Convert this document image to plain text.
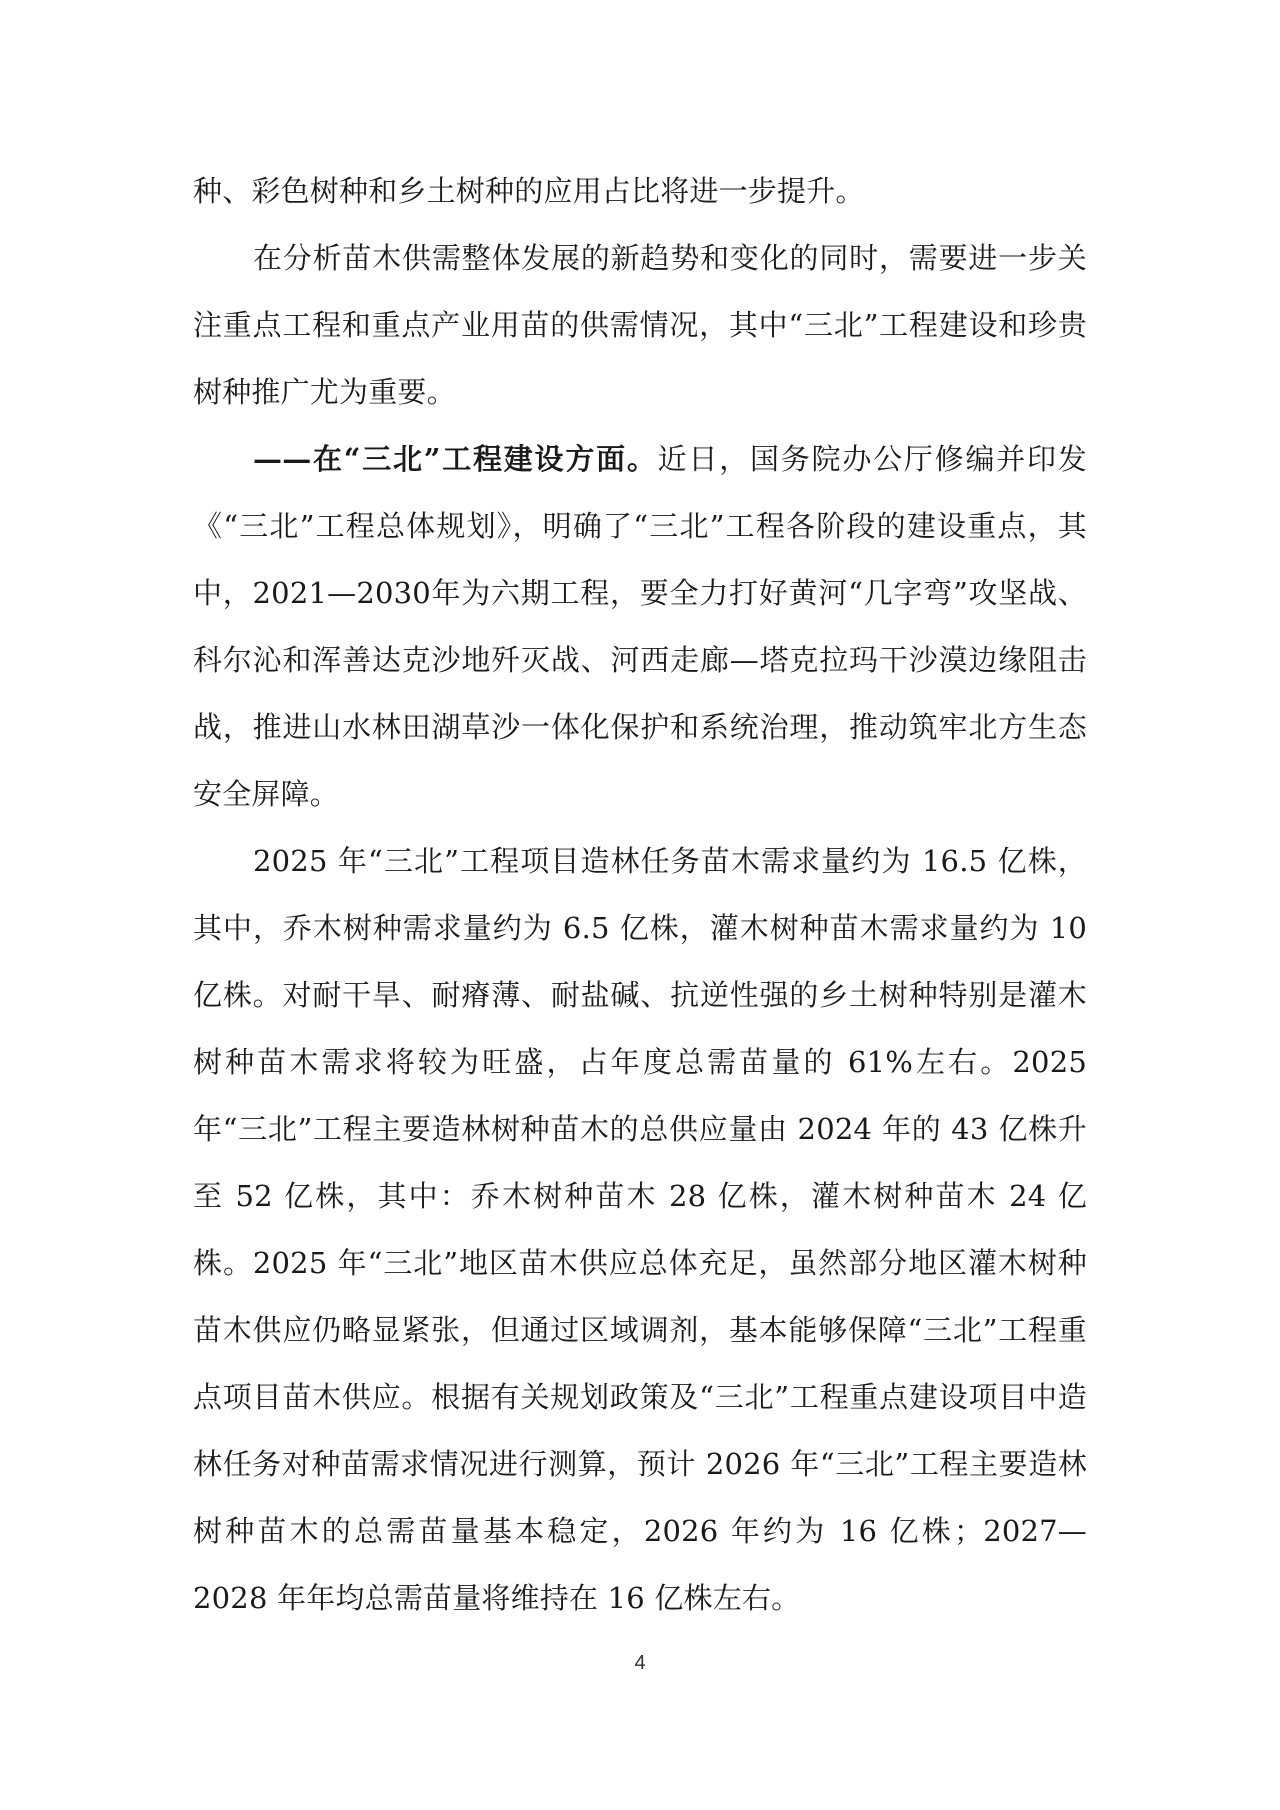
种、彩色树种和乡土树种的应用占比将进一步提升。

在分析苗木供需整体发展的新趋势和变化的同时，需要进一步关注重点工程和重点产业用苗的供需情况，其中“三北”工程建设和珍贵树种推广尤为重要。

——在“三北”工程建设方面。近日，国务院办公厅修编并印发《“三北”工程总体规划》，明确了“三北”工程各阶段的建设重点，其中，2021—2030年为六期工程，要全力打好黄河“几字弯”攻坚战、科尔沁和浑善达克沙地歼灭战、河西走廊—塔克拉玛干沙漠边缘阻击战，推进山水林田湖草沙一体化保护和系统治理，推动筑牢北方生态安全屏障。

2025 年“三北”工程项目造林任务苗木需求量约为 16.5 亿株，其中，乔木树种需求量约为 6.5 亿株，灌木树种苗木需求量约为 10 亿株。对耐干旱、耐瘠薄、耐盐碱、抗逆性强的乡土树种特别是灌木树种苗木需求将较为旺盛，占年度总需苗量的 61%左右。2025 年“三北”工程主要造林树种苗木的总供应量由 2024 年的 43 亿株升至 52 亿株，其中：乔木树种苗木 28 亿株，灌木树种苗木 24 亿株。2025 年“三北”地区苗木供应总体充足，虽然部分地区灌木树种苗木供应仍略显紧张，但通过区域调剂，基本能够保障“三北”工程重点项目苗木供应。根据有关规划政策及“三北”工程重点建设项目中造林任务对种苗需求情况进行测算，预计 2026 年“三北”工程主要造林树种苗木的总需苗量基本稳定，2026 年约为 16 亿株；2027—2028 年年均总需苗量将维持在 16 亿株左右。

4
